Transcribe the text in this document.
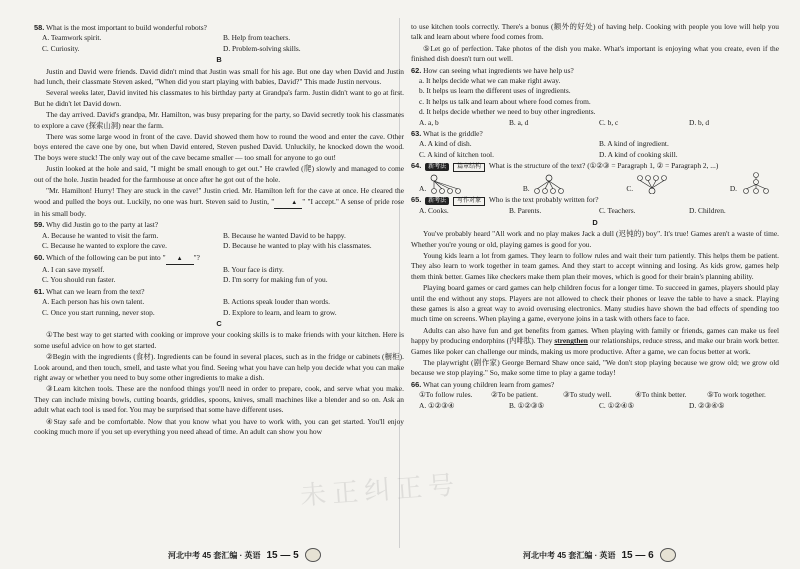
58. What is the most important to build wonderful robots?
A. Teamwork spirit.	B. Help from teachers.
C. Curiosity.	D. Problem-solving skills.
B

Justin and David were friends. David didn't mind that Justin was small for his age. But one day when David and Justin had lunch, their classmate Steven asked, "When did you start playing with babies, David?" This made Justin nervous.

Several weeks later, David invited his classmates to his birthday party at Grandpa's farm. Justin didn't want to go at first. But he didn't let David down.

The day arrived. David's grandpa, Mr. Hamilton, was busy preparing for the party, so David secretly took his classmates to explore a cave (探索山洞) near the farm.

There was some large wood in front of the cave. David showed them how to round the wood and enter the cave. Other boys entered the cave one by one, but when David entered, Steven pushed David. Unluckily, he knocked down the wood. The boys were stuck! The only way out of the cave became smaller — too small for anyone to go out!

Justin looked at the hole and said, "I might be small enough to get out." He crawled (爬) slowly and managed to come out of the hole. Justin headed for the farmhouse at once after he got out of the hole.

"Mr. Hamilton! Hurry! They are stuck in the cave!" Justin cried. Mr. Hamilton left for the cave at once. He cleared the wood and pulled the boys out. Luckily, no one was hurt. Steven said to Justin, "	▲ " "I accept." A sense of pride rose in his small body.

59. Why did Justin go to the party at last?
A. Because he wanted to visit the farm.	B. Because he wanted David to be happy.
C. Because he wanted to explore the cave.	D. Because he wanted to play with his classmates.
60. Which of the following can be put into " ▲ "?
A. I can save myself.	B. Your face is dirty.
C. You should run faster.	D. I'm sorry for making fun of you.
61. What can we learn from the text?
A. Each person has his own talent.	B. Actions speak louder than words.
C. Once you start running, never stop.	D. Explore to learn, and learn to grow.
C

①The best way to get started with cooking or improve your cooking skills is to make friends with your kitchen. Here is some useful advice on how to get started.

②Begin with the ingredients (食材). Ingredients can be found in several places, such as in the fridge or cabinets (橱柜). Look around, and then touch, smell, and taste what you find. Seeing what you have can help you decide what you can make right away or whether you need to buy some other ingredients to make a dish.

③Learn kitchen tools. These are the nonfood things you'll need in order to prepare, cook, and serve what you make. They can include mixing bowls, cutting boards, griddles, spoons, knives, small machines like a blender and so on. Ask an adult what each tool is used for. You may be surprised that some have different uses.

④Stay safe and be comfortable. Now that you know what you have to work with, you can get started. You'll enjoy cooking much more if you set up everything you need ahead of time. An adult can show you how

to use kitchen tools correctly. There's a bonus (额外的好处) of having help. Cooking with people you love will help you talk and learn about where food comes from.

⑤Let go of perfection. Take photos of the dish you make. What's important is enjoying what you create, even if the finished dish doesn't turn out well.

62. How can seeing what ingredients we have help us?
a. It helps decide what we can make right away.
b. It helps us learn the different uses of ingredients.
c. It helps us talk and learn about where food comes from.
d. It helps decide whether we need to buy other ingredients.
A. a, b	B. a, d	C. b, c	D. b, d
63. What is the griddle?
A. A kind of dish.	B. A kind of ingredient.
C. A kind of kitchen tool.	D. A kind of cooking skill.
64. 新考法 篇章结构 What is the structure of the text? (①②③ = Paragraph 1, ② = Paragraph 2, ...)
A.	B.	C.	D.
65. 新考法 写作对象 Who is the text probably written for?
A. Cooks.	B. Parents.	C. Teachers.	D. Children.
D

You've probably heard "All work and no play makes Jack a dull (迟钝的) boy". It's true! Games aren't a waste of time. Whether you're young or old, playing games is good for you.

Young kids learn a lot from games. They learn to follow rules and wait their turn patiently. This helps them be patient. They also learn to work together in team games. And they start to accept winning and losing. As kids grow, games help them think better. Games like checkers make them plan their moves, which is good for their brain's planning ability.

Playing board games or card games can help children focus for a longer time. To succeed in games, players should play until the end without any stops. Players are not allowed to check their phones or leave the table to have a snack. Playing these games is also a great way to avoid overusing electronics. Many studies have shown the bad effects of spending too much time on screens. When playing a game, everyone joins in a task with others face to face.

Adults can also have fun and get benefits from games. When playing with family or friends, games can make us feel happy by producing endorphins (内啡肽). They strengthen our relationships, reduce stress, and make our brain work better. Games like poker can challenge our minds, making us more productive. After a game, we can focus better at work.

The playwright (剧作家) George Bernard Shaw once said, "We don't stop playing because we grow old; we grow old because we stop playing." So, make some time to play a game today!

66. What can young children learn from games?
①To follow rules.	②To be patient.	③To study well.	④To think better.	⑤To work together.
A. ①②③④	B. ①②③⑤	C. ①②④⑤	D. ②③④⑤
未正纠正号
河北中考 45 套汇编 · 英语 15 — 5	河北中考 45 套汇编 · 英语 15 — 6
